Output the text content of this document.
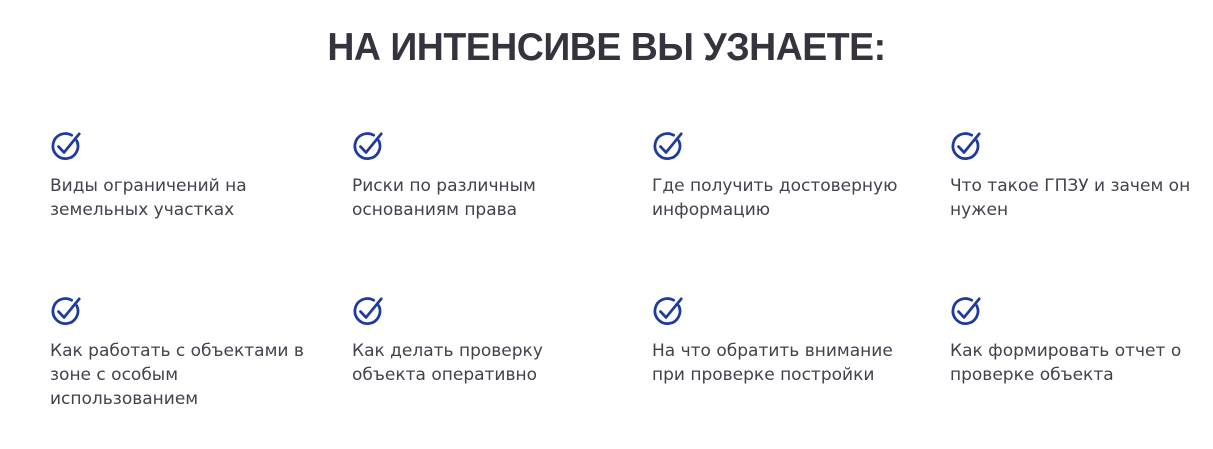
НА ИНТЕНСИВЕ ВЫ УЗНАЕТЕ:
Виды ограничений на земельных участках
Риски по различным основаниям права
Где получить достоверную информацию
Что такое ГПЗУ и зачем он нужен
Как работать с объектами в зоне с особым использованием
Как делать проверку объекта оперативно
На что обратить внимание при проверке постройки
Как формировать отчет о проверке объекта
